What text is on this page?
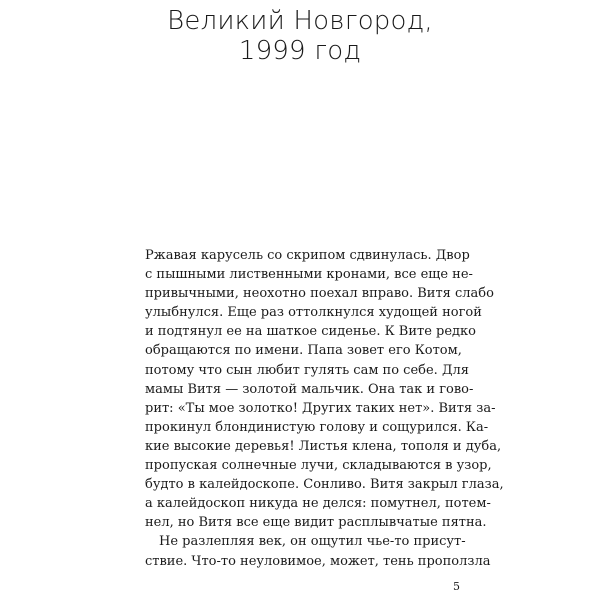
Великий Новгород,
1999 год
Ржавая карусель со скрипом сдвинулась. Двор
с пышными лиственными кронами, все еще не-
привычными, неохотно поехал вправо. Витя слабо
улыбнулся. Еще раз оттолкнулся худощей ногой
и подтянул ее на шаткое сиденье. К Вите редко
обращаются по имени. Папа зовет его Котом,
потому что сын любит гулять сам по себе. Для
мамы Витя — золотой мальчик. Она так и гово-
рит: «Ты мое золотко! Других таких нет». Витя за-
прокинул блондинистую голову и сощурился. Ка-
кие высокие деревья! Листья клена, тополя и дуба,
пропуская солнечные лучи, складываются в узор,
будто в калейдоскопе. Сонливо. Витя закрыл глаза,
а калейдоскоп никуда не делся: помутнел, потем-
нел, но Витя все еще видит расплывчатые пятна.
Не разлепляя век, он ощутил чье-то присут-
ствие. Что-то неуловимое, может, тень проползла
5
